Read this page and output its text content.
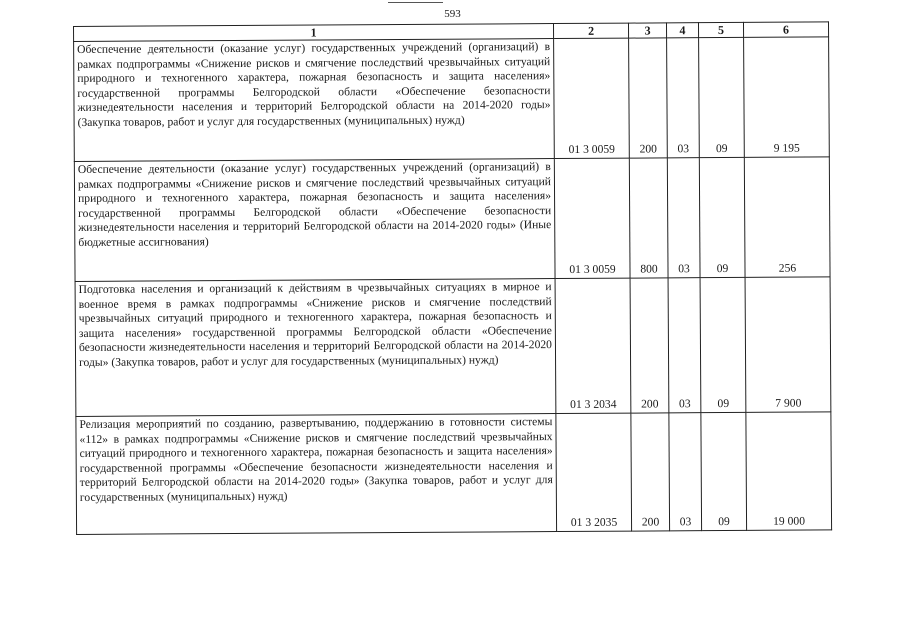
593
1	2	3	4	5	6
Обеспечение деятельности (оказание услуг) государственных учреждений (организаций) в рамках подпрограммы «Снижение рисков и смягчение последствий чрезвычайных ситуаций природного и техногенного характера, пожарная безопасность и защита населения» государственной программы Белгородской области «Обеспечение безопасности жизнедеятельности населения и территорий Белгородской области на 2014-2020 годы» (Закупка товаров, работ и услуг для государственных (муниципальных) нужд)	01 3 0059	200	03	09	9 195
Обеспечение деятельности (оказание услуг) государственных учреждений (организаций) в рамках подпрограммы «Снижение рисков и смягчение последствий чрезвычайных ситуаций природного и техногенного характера, пожарная безопасность и защита населения» государственной программы Белгородской области «Обеспечение безопасности жизнедеятельности населения и территорий Белгородской области на 2014-2020 годы» (Иные бюджетные ассигнования)	01 3 0059	800	03	09	256
Подготовка населения и организаций к действиям в чрезвычайных ситуациях в мирное и военное время в рамках подпрограммы «Снижение рисков и смягчение последствий чрезвычайных ситуаций природного и техногенного характера, пожарная безопасность и защита населения» государственной программы Белгородской области «Обеспечение безопасности жизнедеятельности населения и территорий Белгородской области на 2014-2020 годы» (Закупка товаров, работ и услуг для государственных (муниципальных) нужд)	01 3 2034	200	03	09	7 900
Релизация мероприятий по созданию, развертыванию, поддержанию в готовности системы «112» в рамках подпрограммы «Снижение рисков и смягчение последствий чрезвычайных ситуаций природного и техногенного характера, пожарная безопасность и защита населения» государственной программы «Обеспечение безопасности жизнедеятельности населения и территорий Белгородской области на 2014-2020 годы» (Закупка товаров, работ и услуг для государственных (муниципальных) нужд)	01 3 2035	200	03	09	19 000
